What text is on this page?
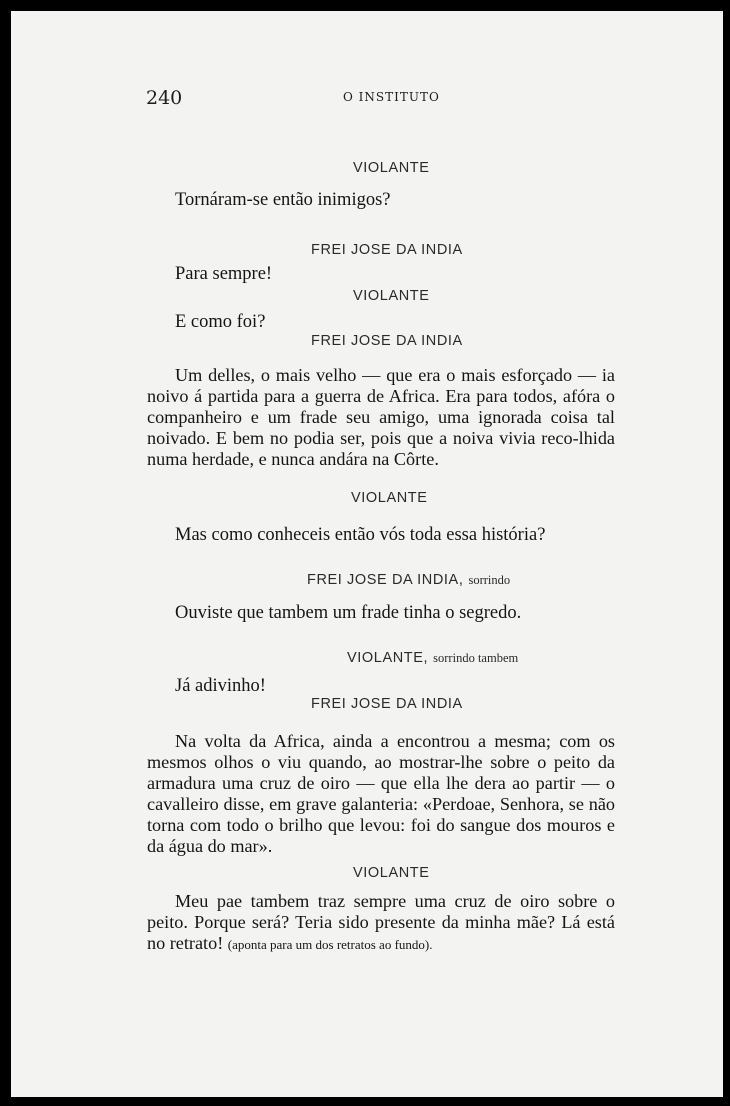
240	O INSTITUTO
VIOLANTE
Tornáram-se então inimigos?
FREI JOSE DA INDIA
Para sempre!
VIOLANTE
E como foi?
FREI JOSE DA INDIA
Um delles, o mais velho — que era o mais esforçado — ia noivo á partida para a guerra de Africa. Era para todos, afóra o companheiro e um frade seu amigo, uma ignorada coisa tal noivado. E bem no podia ser, pois que a noiva vivia reco-lhida numa herdade, e nunca andára na Côrte.
VIOLANTE
Mas como conheceis então vós toda essa história?
FREI JOSE DA INDIA, sorrindo
Ouviste que tambem um frade tinha o segredo.
VIOLANTE, sorrindo tambem
Já adivinho!
FREI JOSE DA INDIA
Na volta da Africa, ainda a encontrou a mesma; com os mesmos olhos o viu quando, ao mostrar-lhe sobre o peito da armadura uma cruz de oiro — que ella lhe dera ao partir — o cavalleiro disse, em grave galanteria: «Perdoae, Senhora, se não torna com todo o brilho que levou: foi do sangue dos mouros e da água do mar».
VIOLANTE
Meu pae tambem traz sempre uma cruz de oiro sobre o peito. Porque será? Teria sido presente da minha mãe? Lá está no retrato! (aponta para um dos retratos ao fundo).
